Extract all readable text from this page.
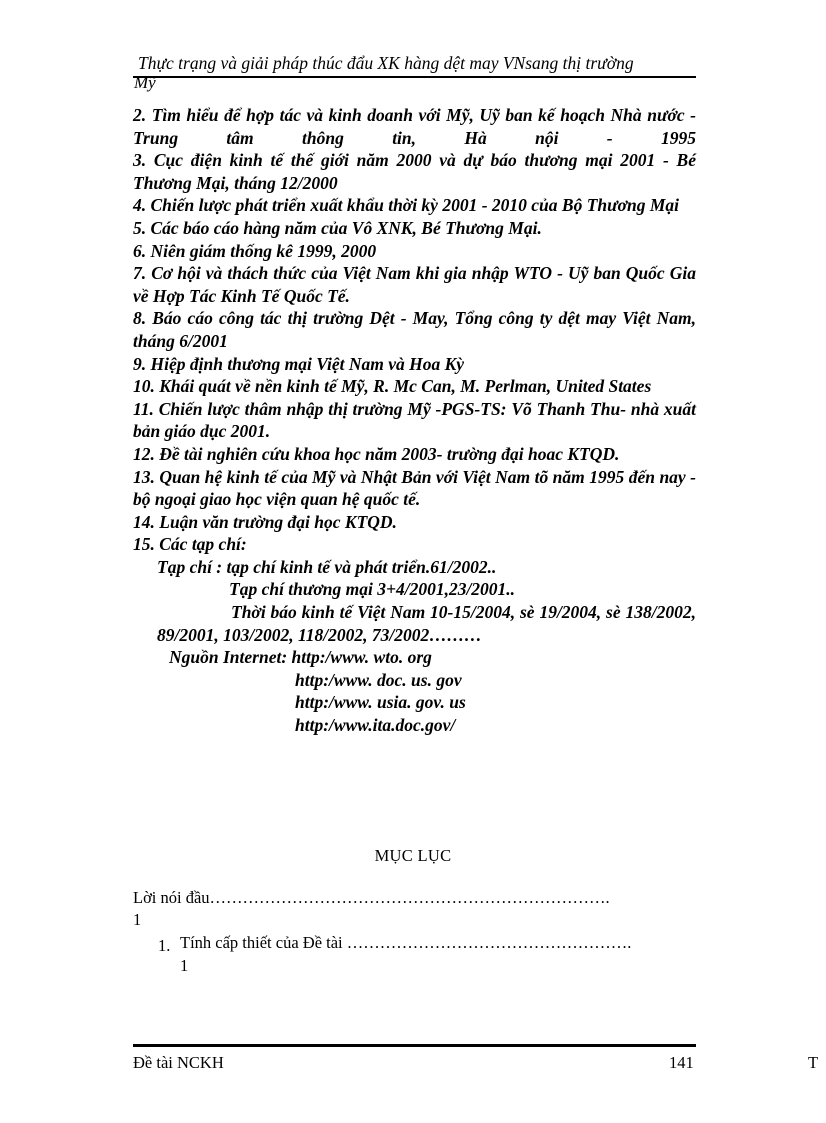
Thực trạng và giải pháp thúc đẩu XK hàng dệt may VNsang thị trường
Mỹ
2. Tìm hiểu để hợp tác và kinh doanh với Mỹ, Uỹ ban kế hoạch Nhà nước - Trung tâm thông tin, Hà nội - 1995
3. Cục điện kinh tế thế giới năm 2000 và dự báo thương mại 2001 - Bé Thương Mại, tháng 12/2000
4. Chiến lược phát triển xuất khẩu thời kỳ 2001 - 2010 của Bộ Thương Mại
5. Các báo cáo hàng năm của Vô XNK, Bé Thương Mại.
6. Niên giám thống kê 1999, 2000
7. Cơ hội và thách thức của Việt Nam khi gia nhập WTO - Uỹ ban Quốc Gia về Hợp Tác Kinh Tế Quốc Tế.
8. Báo cáo công tác thị trường Dệt - May, Tổng công ty dệt may Việt Nam, tháng 6/2001
9. Hiệp định thương mại Việt Nam và Hoa Kỳ
10. Khái quát về nền kinh tế Mỹ, R. Mc Can, M. Perlman, United States
11. Chiến lược thâm nhập thị trường Mỹ -PGS-TS: Võ Thanh Thu- nhà xuất bản giáo dục 2001.
12. Đề tài nghiên cứu khoa học năm 2003- trường đại hoac KTQD.
13. Quan hệ kinh tế của Mỹ và Nhật Bản với Việt Nam tõ năm 1995 đến nay - bộ ngoại giao học viện quan hệ quốc tế.
14. Luận văn trường đại học KTQD.
15. Các tạp chí:
Tạp chí : tạp chí kinh tế và phát triển.61/2002..
Tạp chí thương mại 3+4/2001,23/2001..
Thời báo kinh tế Việt Nam 10-15/2004, sè 19/2004, sè 138/2002, 89/2001, 103/2002, 118/2002, 73/2002………
Nguồn Internet: http:/www. wto. org
http:/www. doc. us. gov
http:/www. usia. gov. us
http:/www.ita.doc.gov/
MỤC LỤC
Lời nói đầu……………………………………………………………….
1
1. Tính cấp thiết của Đề tài …………………………………………….
1
Đề tài NCKH	141	T
